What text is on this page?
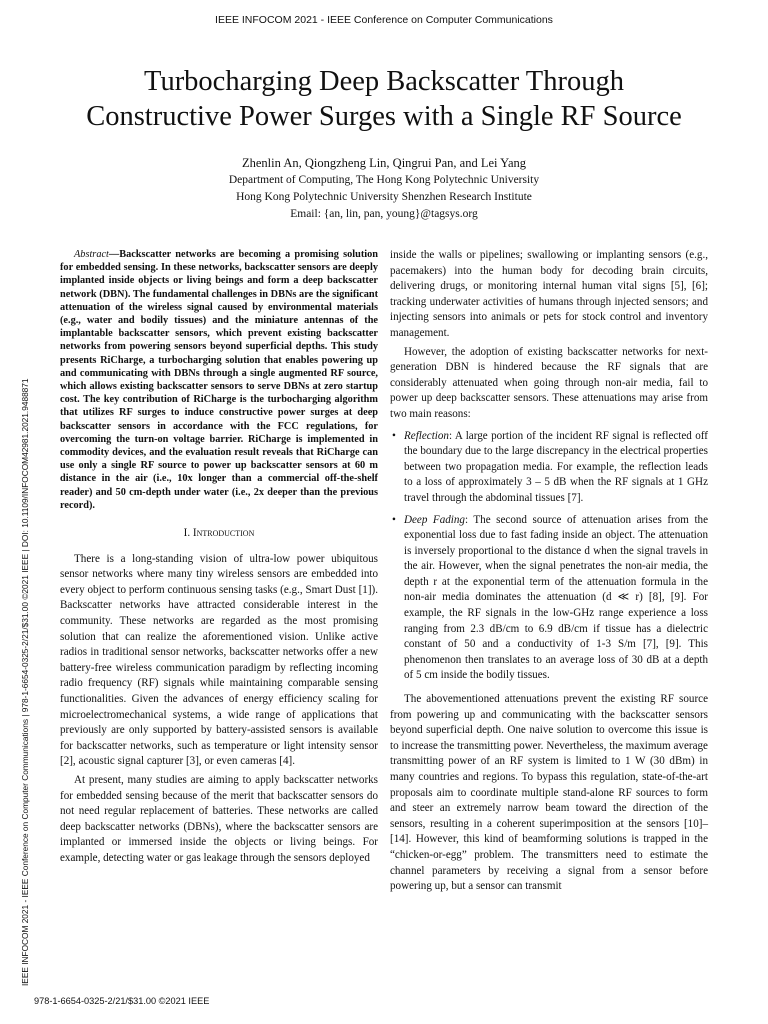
IEEE INFOCOM 2021 - IEEE Conference on Computer Communications
Turbocharging Deep Backscatter Through
Constructive Power Surges with a Single RF Source
Zhenlin An, Qiongzheng Lin, Qingrui Pan, and Lei Yang
Department of Computing, The Hong Kong Polytechnic University
Hong Kong Polytechnic University Shenzhen Research Institute
Email: {an, lin, pan, young}@tagsys.org
IEEE INFOCOM 2021 - IEEE Conference on Computer Communications | 978-1-6654-0325-2/21/$31.00 ©2021 IEEE | DOI: 10.1109/INFOCOM42981.2021.9488871

Abstract—Backscatter networks are becoming a promising solution for embedded sensing. In these networks, backscatter sensors are deeply implanted inside objects or living beings and form a deep backscatter network (DBN). The fundamental challenges in DBNs are the significant attenuation of the wireless signal caused by environmental materials (e.g., water and bodily tissues) and the miniature antennas of the implantable backscatter sensors, which prevent existing backscatter networks from powering sensors beyond superficial depths. This study presents RiCharge, a turbocharging solution that enables powering up and communicating with DBNs through a single augmented RF source, which allows existing backscatter sensors to serve DBNs at zero startup cost. The key contribution of RiCharge is the turbocharging algorithm that utilizes RF surges to induce constructive power surges at deep backscatter sensors in accordance with the FCC regulations, for overcoming the turn-on voltage barrier. RiCharge is implemented in commodity devices, and the evaluation result reveals that RiCharge can use only a single RF source to power up backscatter sensors at 60 m distance in the air (i.e., 10x longer than a commercial off-the-shelf reader) and 50 cm-depth under water (i.e., 2x deeper than the previous record).

I. Introduction

There is a long-standing vision of ultra-low power ubiquitous sensor networks where many tiny wireless sensors are embedded into every object to perform continuous sensing tasks (e.g., Smart Dust [1]). Backscatter networks have attracted considerable interest in the community. These networks are regarded as the most promising solution that can realize the aforementioned vision. Unlike active radios in traditional sensor networks, backscatter networks offer a new battery-free wireless communication paradigm by reflecting incoming radio frequency (RF) signals while maintaining comparable sensing functionalities. Given the advances of energy efficiency scaling for microelectromechanical systems, a wide range of applications that previously are only supported by battery-assisted sensors is available for backscatter networks, such as temperature or light intensity sensor [2], acoustic signal capturer [3], or even cameras [4].

At present, many studies are aiming to apply backscatter networks for embedded sensing because of the merit that backscatter sensors do not need regular replacement of batteries. These networks are called deep backscatter networks (DBNs), where the backscatter sensors are implanted or immersed inside the objects or living beings. For example, detecting water or gas leakage through the sensors deployed

inside the walls or pipelines; swallowing or implanting sensors (e.g., pacemakers) into the human body for decoding brain circuits, delivering drugs, or monitoring internal human vital signs [5], [6]; tracking underwater activities of humans through injected sensors; and injecting sensors into animals or pets for stock control and inventory management.

However, the adoption of existing backscatter networks for next-generation DBN is hindered because the RF signals that are considerably attenuated when going through non-air media, fail to power up deep backscatter sensors. These attenuations may arise from two main reasons:

• Reflection: A large portion of the incident RF signal is reflected off the boundary due to the large discrepancy in the electrical properties between two propagation media. For example, the reflection leads to a loss of approximately 3 – 5 dB when the RF signals at 1 GHz travel through the abdominal tissues [7].
• Deep Fading: The second source of attenuation arises from the exponential loss due to fast fading inside an object. The attenuation is inversely proportional to the distance d when the signal travels in the air. However, when the signal penetrates the non-air media, the depth r at the exponential term of the attenuation formula in the non-air media dominates the attenuation (d ≪ r) [8], [9]. For example, the RF signals in the low-GHz range experience a loss ranging from 2.3 dB/cm to 6.9 dB/cm if tissue has a dielectric constant of 50 and a conductivity of 1-3 S/m [7], [9]. This phenomenon then translates to an average loss of 30 dB at a depth of 5 cm inside the bodily tissues.

The abovementioned attenuations prevent the existing RF source from powering up and communicating with the backscatter sensors beyond superficial depth. One naive solution to overcome this issue is to increase the transmitting power. Nevertheless, the maximum average transmitting power of an RF system is limited to 1 W (30 dBm) in many countries and regions. To bypass this regulation, state-of-the-art proposals aim to coordinate multiple stand-alone RF sources to form and steer an extremely narrow beam toward the direction of the sensors, resulting in a coherent superimposition at the sensors [10]–[14]. However, this kind of beamforming solutions is trapped in the “chicken-or-egg” problem. The transmitters need to estimate the channel parameters by receiving a signal from a sensor before powering up, but a sensor can transmit

978-1-6654-0325-2/21/$31.00 ©2021 IEEE
